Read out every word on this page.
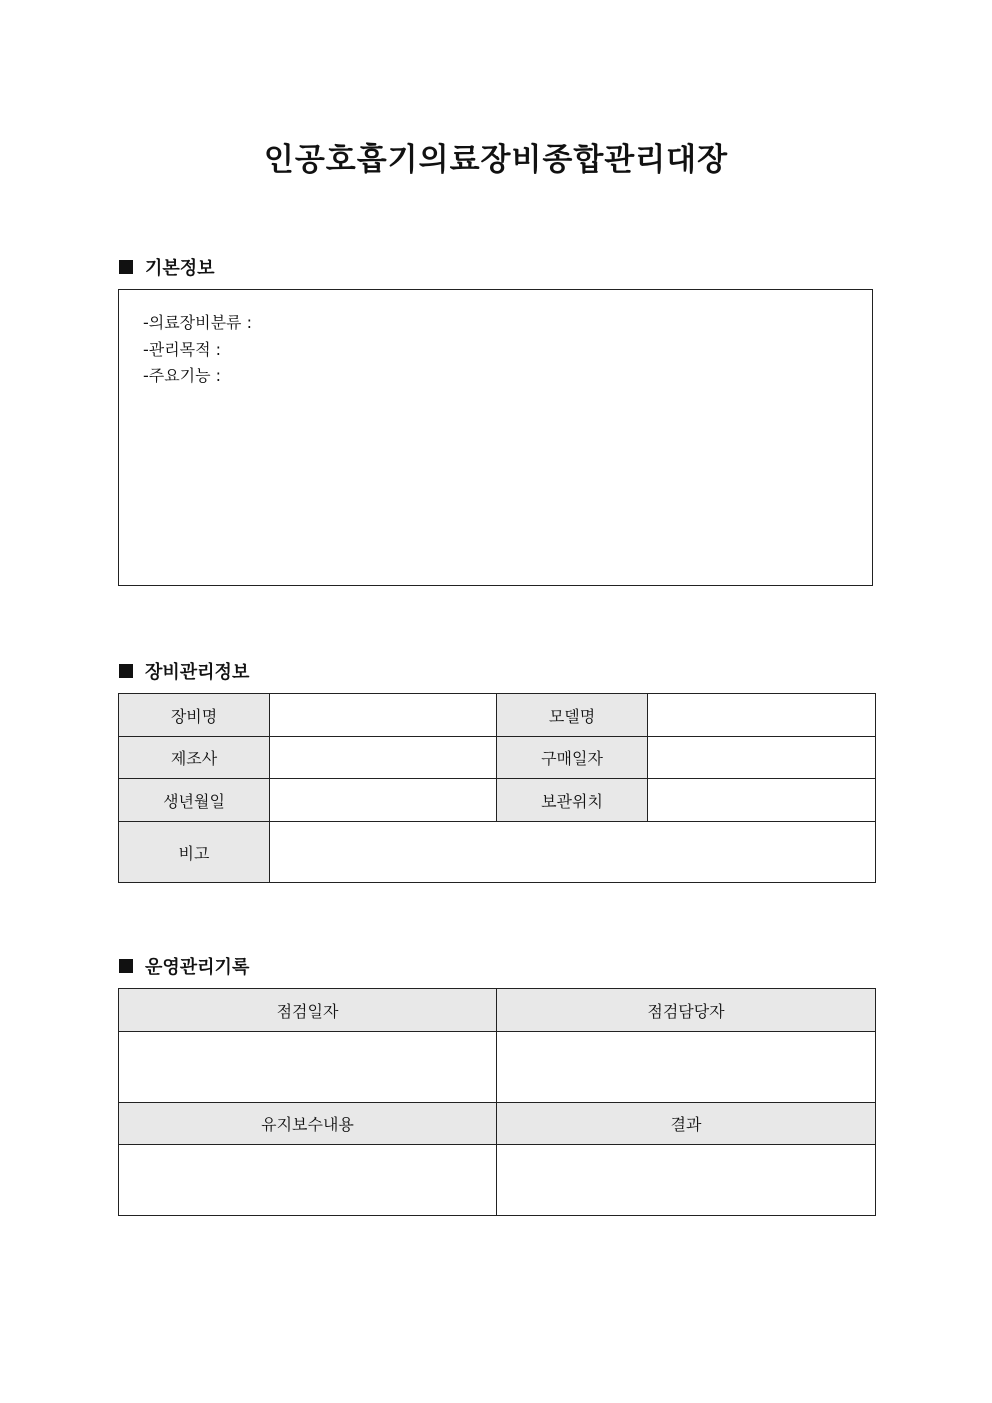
인공호흡기의료장비종합관리대장
기본정보
-의료장비분류 :
-관리목적 :
-주요기능 :
장비관리정보
장비명		모델명	
제조사		구매일자	
생년월일		보관위치	
비고			
운영관리기록
점검일자	점검담당자

유지보수내용	결과
